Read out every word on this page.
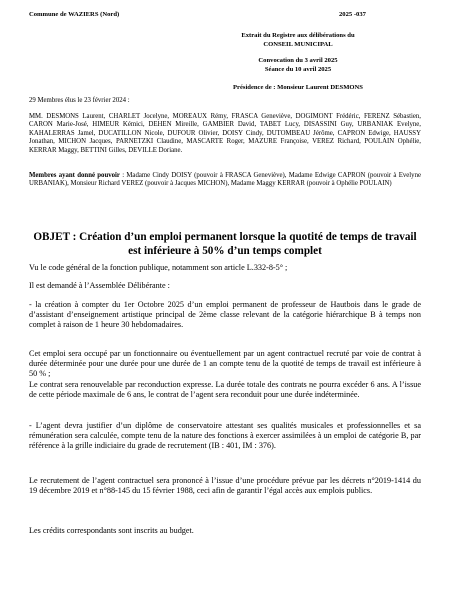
Commune de WAZIERS (Nord)	2025 -037
Extrait du Registre aux délibérations du
CONSEIL MUNICIPAL
Convocation du 3 avril 2025
Séance du 10 avril 2025
Présidence de : Monsieur Laurent DESMONS
29 Membres élus le 23 février 2024 :
MM. DESMONS Laurent, CHARLET Jocelyne, MOREAUX Rémy, FRASCA Geneviève, DOGIMONT Frédéric, FERENZ Sébastien, CARON Marie-José, HIMEUR Kémici, DEHEN Mireille, GAMBIER David, TABET Lucy, DISASSINI Guy, URBANIAK Evelyne, KAHALERRAS Jamel, DUCATILLON Nicole, DUFOUR Olivier, DOISY Cindy, DUTOMBEAU Jérôme, CAPRON Edwige, HAUSSY Jonathan, MICHON Jacques, PARNETZKI Claudine, MASCARTE Roger, MAZURE Françoise, VEREZ Richard, POULAIN Ophélie, KERRAR Maggy, BETTINI Gilles, DEVILLE Doriane.
Membres ayant donné pouvoir : Madame Cindy DOISY (pouvoir à FRASCA Geneviève), Madame Edwige CAPRON (pouvoir à Evelyne URBANIAK), Monsieur Richard VEREZ (pouvoir à Jacques MICHON), Madame Maggy KERRAR (pouvoir à Ophélie POULAIN)
OBJET : Création d’un emploi permanent lorsque la quotité de temps de travail est inférieure à 50% d’un temps complet
Vu le code général de la fonction publique, notamment son article L.332-8-5° ;
Il est demandé à l’Assemblée Délibérante :
- la création à compter du 1er Octobre 2025 d’un emploi permanent de professeur de Hautbois dans le grade de d’assistant d’enseignement artistique principal de 2ème classe relevant de la catégorie hiérarchique B à temps non complet à raison de 1 heure 30 hebdomadaires.
Cet emploi sera occupé par un fonctionnaire ou éventuellement par un agent contractuel recruté par voie de contrat à durée déterminée pour une durée pour une durée de 1 an compte tenu de la quotité de temps de travail est inférieure à 50 % ;
Le contrat sera renouvelable par reconduction expresse. La durée totale des contrats ne pourra excéder 6 ans. A l’issue de cette période maximale de 6 ans, le contrat de l’agent sera reconduit pour une durée indéterminée.
- L’agent devra justifier d’un diplôme de conservatoire attestant ses qualités musicales et professionnelles et sa rémunération sera calculée, compte tenu de la nature des fonctions à exercer assimilées à un emploi de catégorie B, par référence à la grille indiciaire du grade de recrutement (IB : 401, IM : 376).
Le recrutement de l’agent contractuel sera prononcé à l’issue d’une procédure prévue par les décrets n°2019-1414 du 19 décembre 2019 et n°88-145 du 15 février 1988, ceci afin de garantir l’égal accès aux emplois publics.
Les crédits correspondants sont inscrits au budget.
